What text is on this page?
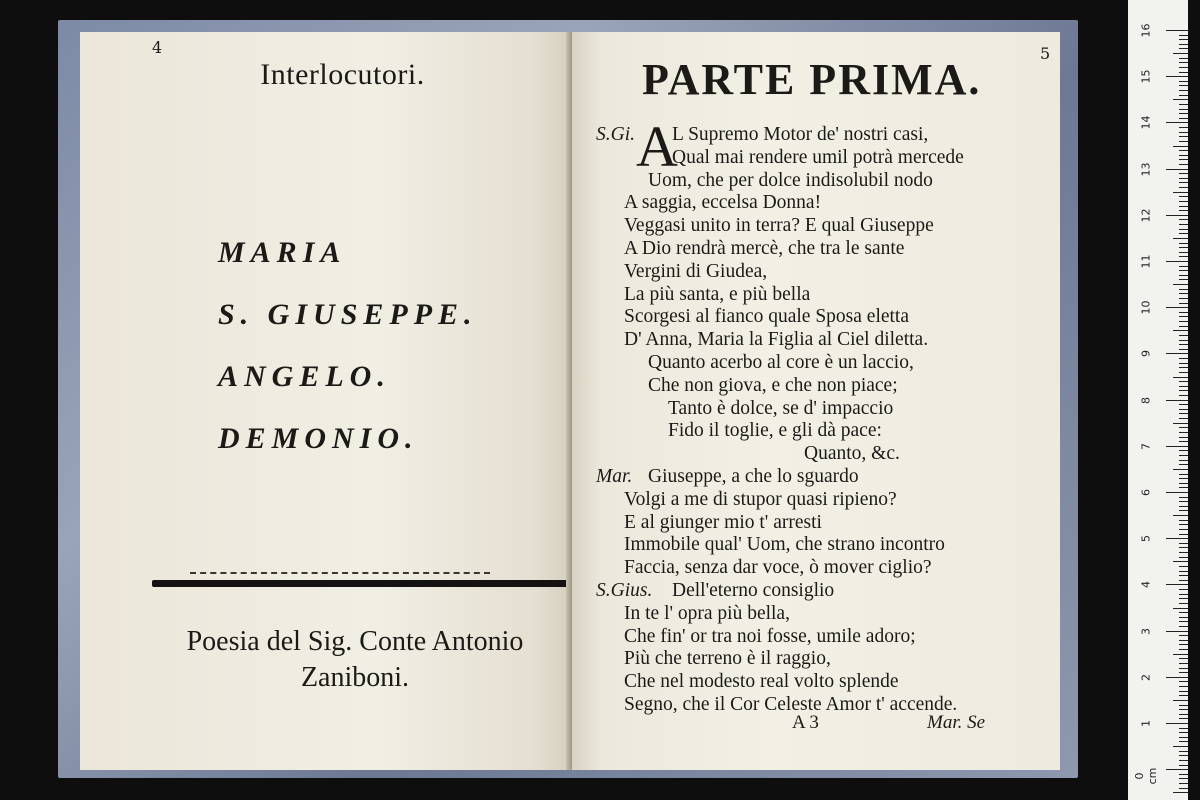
4
Interlocutori.
MARIA
S. GIUSEPPE.
ANGELO.
DEMONIO.
Poesia del Sig. Conte Antonio
Zaniboni.
5
PARTE PRIMA.
A
S.Gi. L Supremo Motor de' nostri casi,
Qual mai rendere umil potrà mercede
Uom, che per dolce indisolubil nodo
A saggia, eccelsa Donna!
Veggasi unito in terra? E qual Giuseppe
A Dio rendrà mercè, che tra le sante
Vergini di Giudea,
La più santa, e più bella
Scorgesi al fianco quale Sposa eletta
D' Anna, Maria la Figlia al Ciel diletta.
Quanto acerbo al core è un laccio,
Che non giova, e che non piace;
Tanto è dolce, se d' impaccio
Fido il toglie, e gli dà pace:
Quanto, &c.
Mar. Giuseppe, a che lo sguardo
Volgi a me di stupor quasi ripieno?
E al giunger mio t' arresti
Immobile qual' Uom, che strano incontro
Faccia, senza dar voce, ò mover ciglio?
S.Gius. Dell'eterno consiglio
In te l' opra più bella,
Che fin' or tra noi fosse, umile adoro;
Più che terreno è il raggio,
Che nel modesto real volto splende
Segno, che il Cor Celeste Amor t' accende.
A 3	Mar. Se
16
15
14
13
12
11
10
9
8
7
6
5
4
3
2
1
0 cm
